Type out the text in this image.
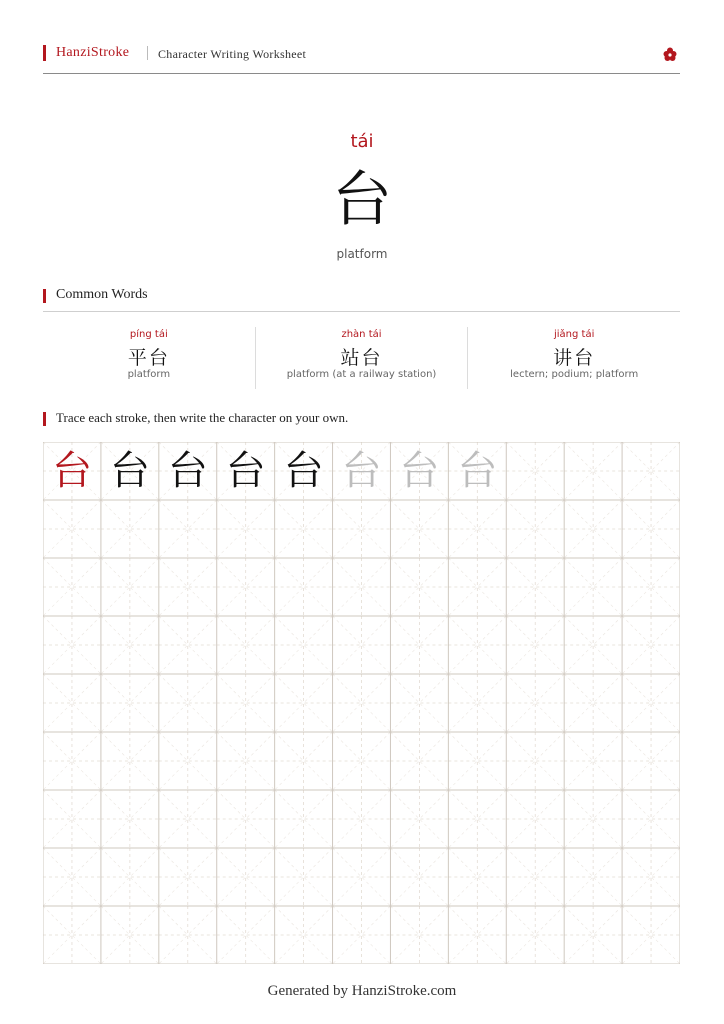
HanziStroke Character Writing Worksheet
tái
台
platform
Common Words
píng tái
平台
platform
zhàn tái
站台
platform (at a railway station)
jiǎng tái
讲台
lectern; podium; platform
Trace each stroke, then write the character on your own.
台 台 台 台 台 台 台 台
Generated by HanziStroke.com
